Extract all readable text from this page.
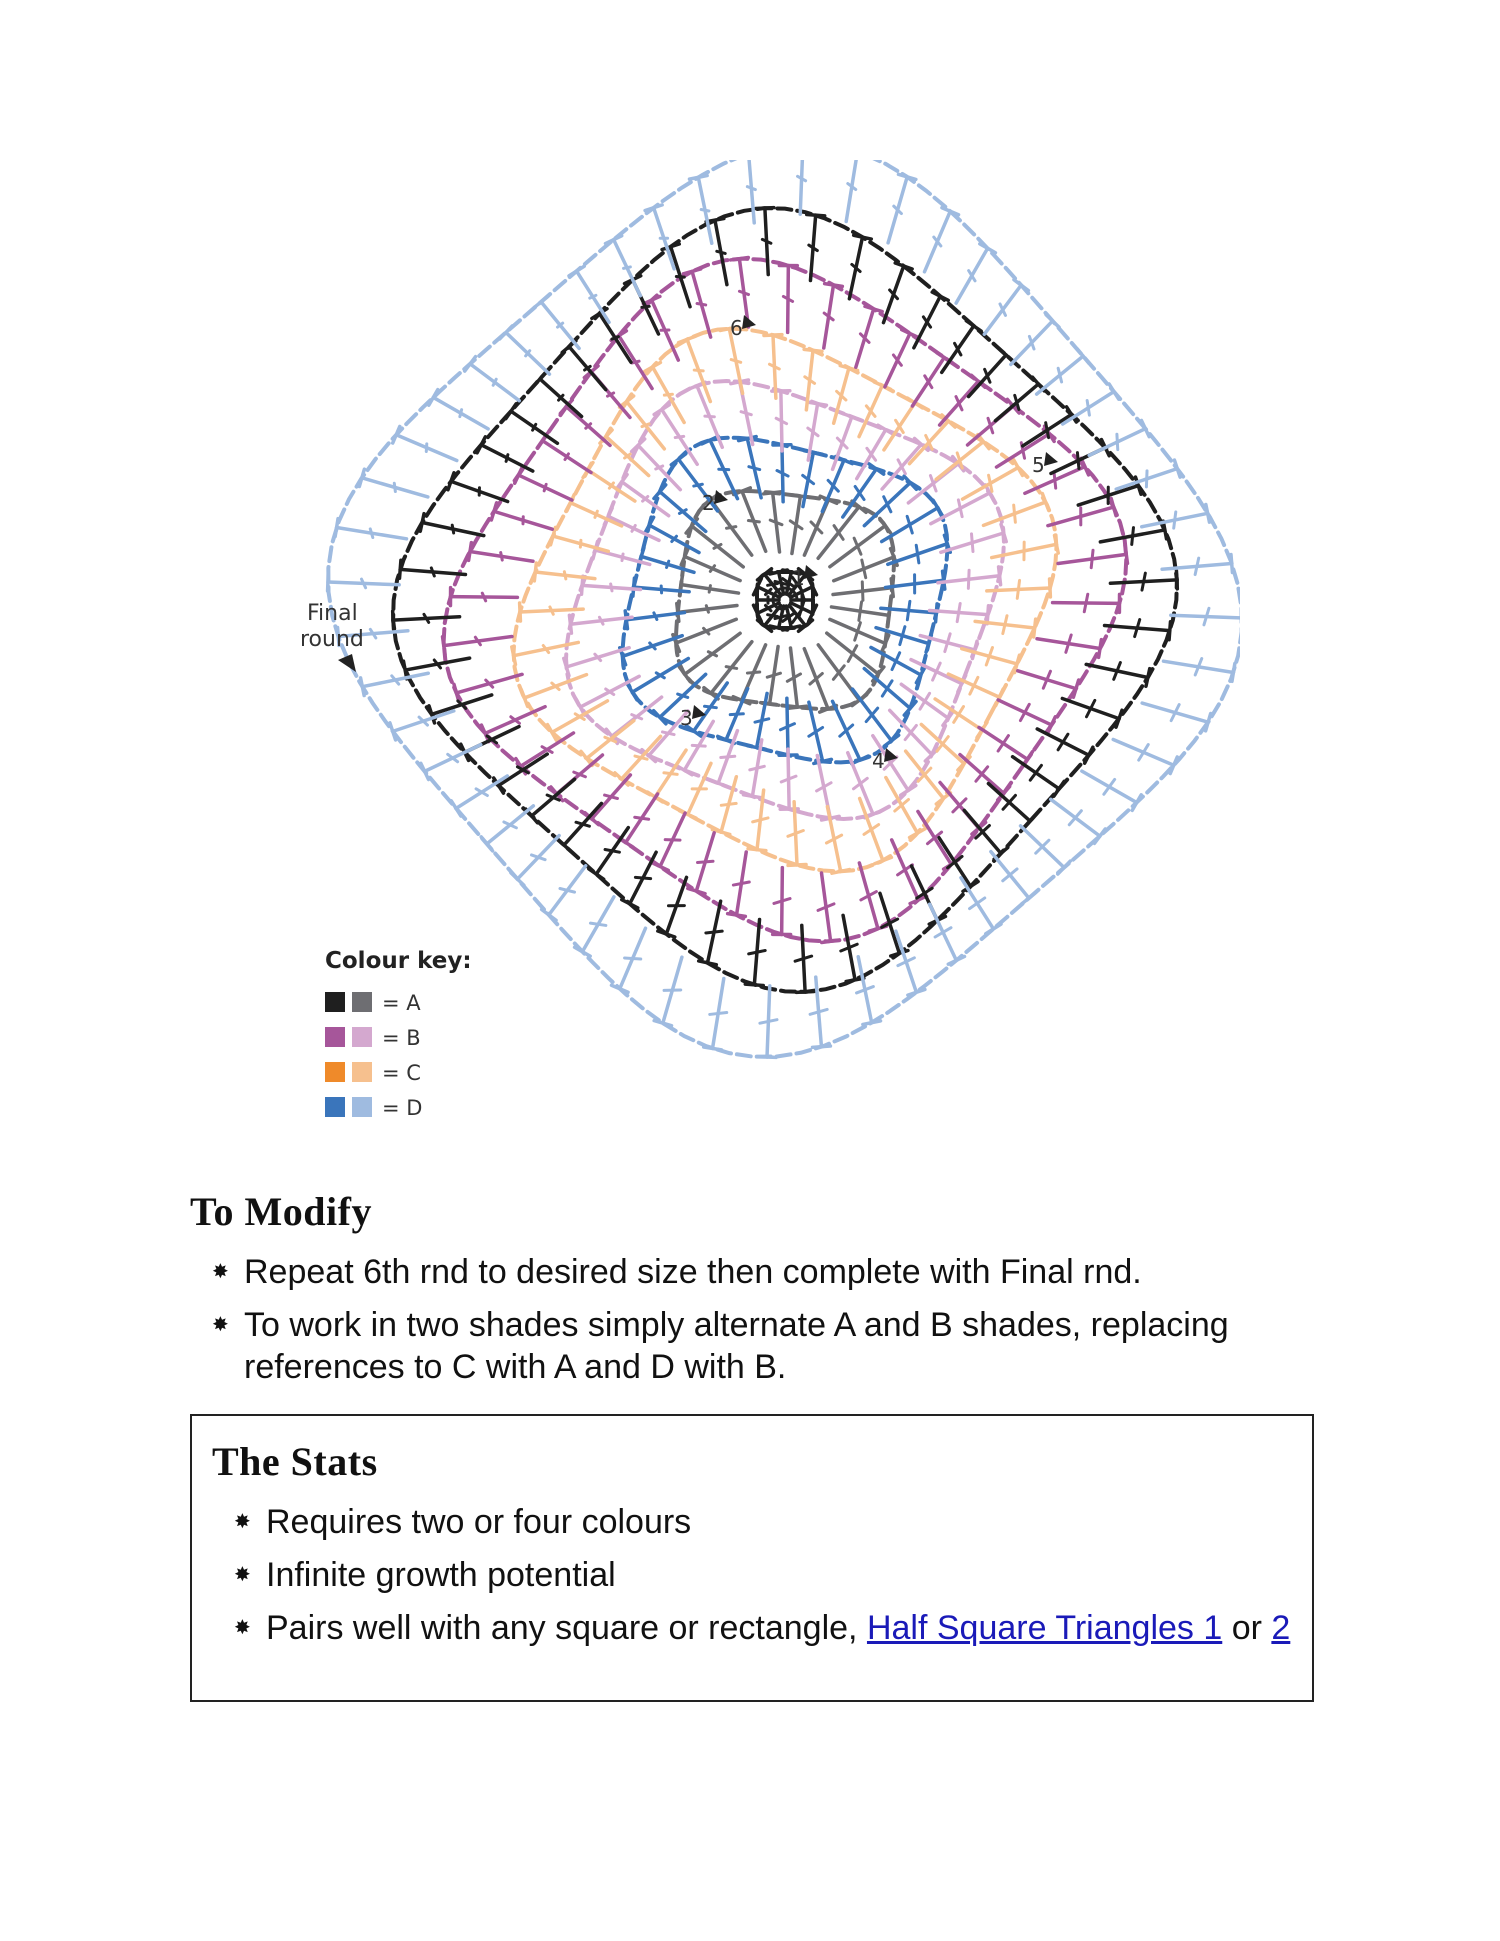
1
2
3
4
5
6
Final
round
Colour key:
= A
= B
= C
= D
To Modify
✸ Repeat 6th rnd to desired size then complete with Final rnd.
✸ To work in two shades simply alternate A and B shades, replacing references to C with A and D with B.
The Stats
✸ Requires two or four colours
✸ Infinite growth potential
✸ Pairs well with any square or rectangle, Half Square Triangles 1 or 2
